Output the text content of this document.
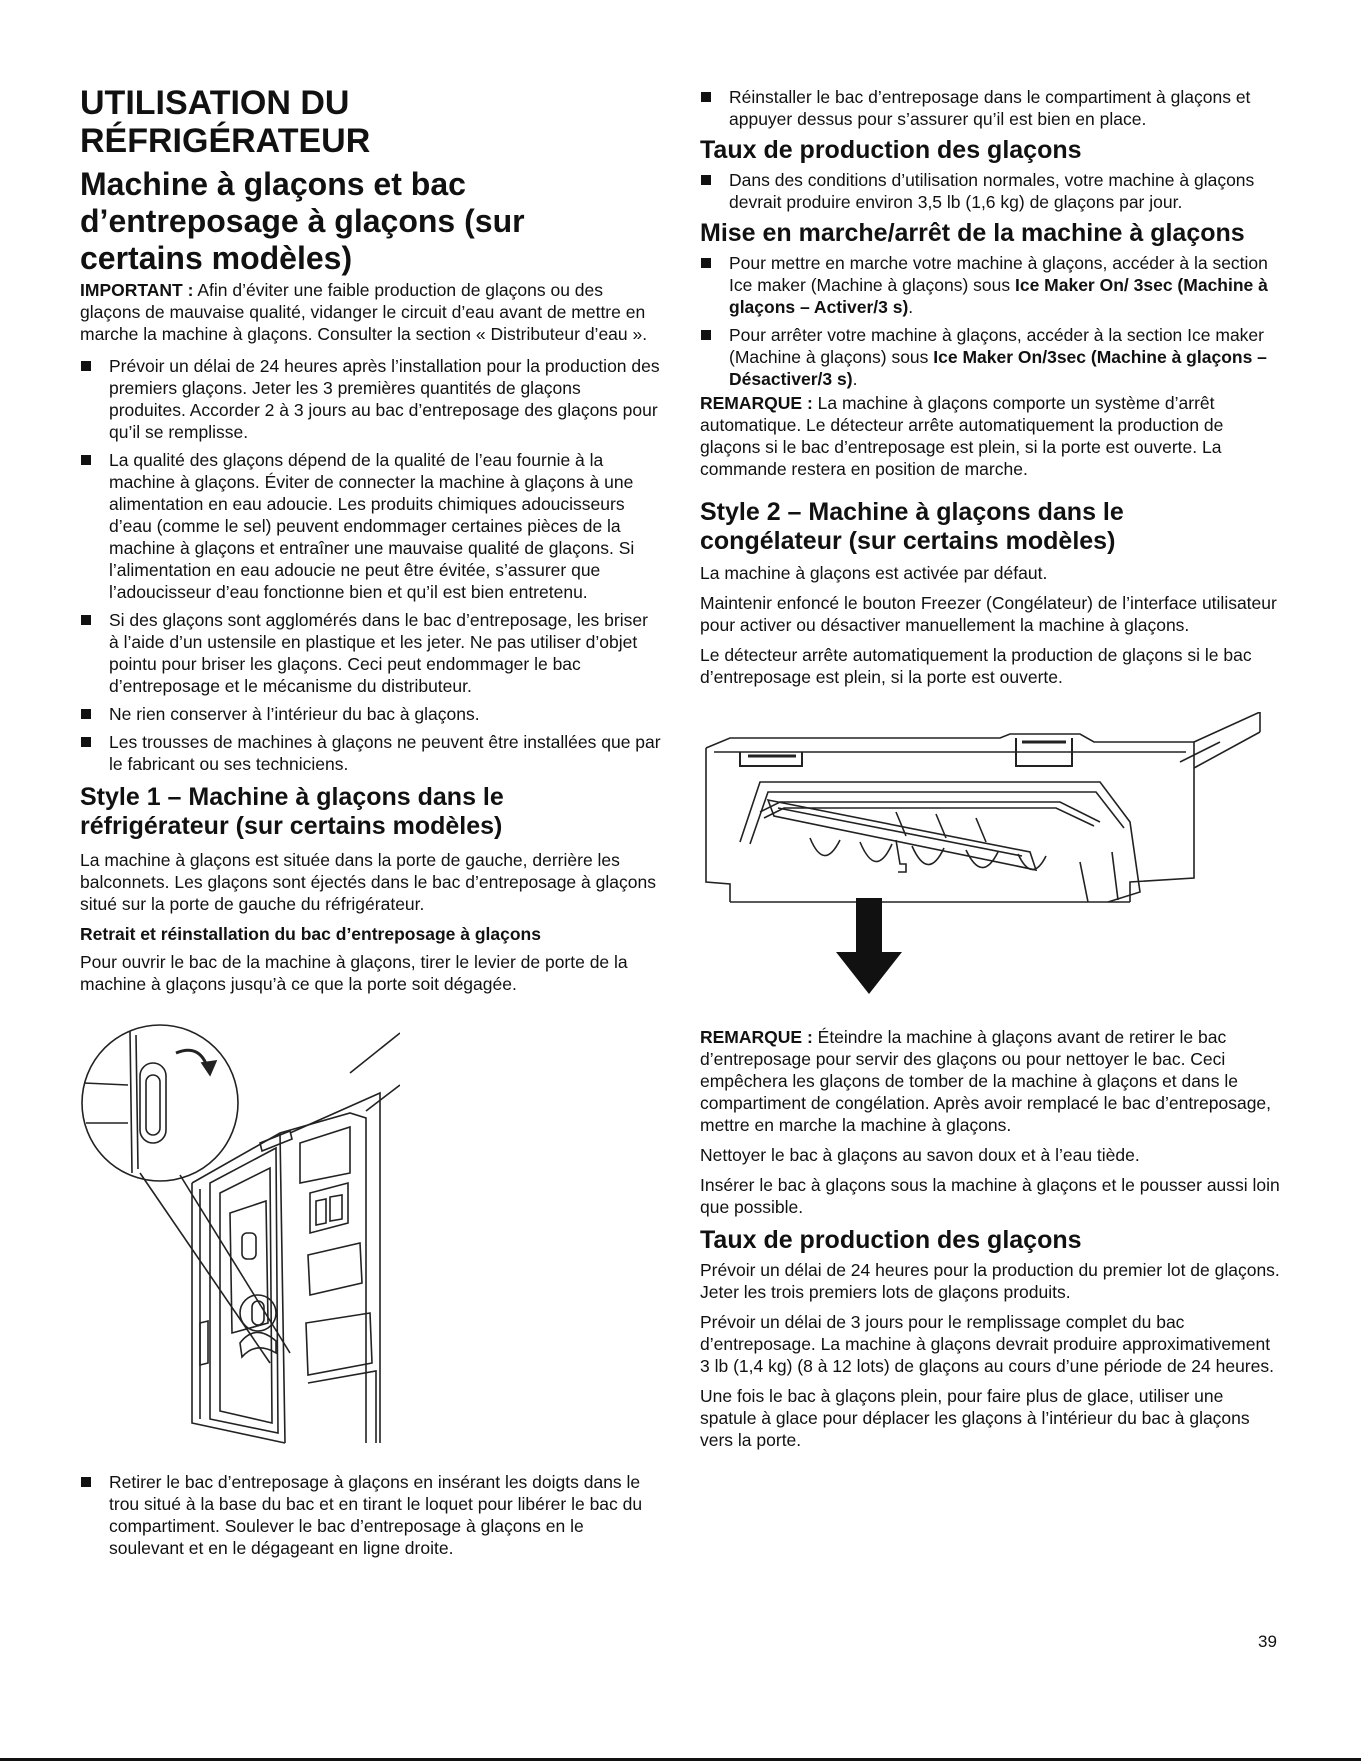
UTILISATION DU
RÉFRIGÉRATEUR
Machine à glaçons et bac
d’entreposage à glaçons (sur
certains modèles)

IMPORTANT : Afin d’éviter une faible production de glaçons ou des glaçons de mauvaise qualité, vidanger le circuit d’eau avant de mettre en marche la machine à glaçons. Consulter la section « Distributeur d’eau ».

Prévoir un délai de 24 heures après l’installation pour la production des premiers glaçons. Jeter les 3 premières quantités de glaçons produites. Accorder 2 à 3 jours au bac d’entreposage des glaçons pour qu’il se remplisse.
La qualité des glaçons dépend de la qualité de l’eau fournie à la machine à glaçons. Éviter de connecter la machine à glaçons à une alimentation en eau adoucie. Les produits chimiques adoucisseurs d’eau (comme le sel) peuvent endommager certaines pièces de la machine à glaçons et entraîner une mauvaise qualité de glaçons. Si l’alimentation en eau adoucie ne peut être évitée, s’assurer que l’adoucisseur d’eau fonctionne bien et qu’il est bien entretenu.
Si des glaçons sont agglomérés dans le bac d’entreposage, les briser à l’aide d’un ustensile en plastique et les jeter. Ne pas utiliser d’objet pointu pour briser les glaçons. Ceci peut endommager le bac d’entreposage et le mécanisme du distributeur.
Ne rien conserver à l’intérieur du bac à glaçons.
Les trousses de machines à glaçons ne peuvent être installées que par le fabricant ou ses techniciens.
Style 1 – Machine à glaçons dans le
réfrigérateur (sur certains modèles)

La machine à glaçons est située dans la porte de gauche, derrière les balconnets. Les glaçons sont éjectés dans le bac d’entreposage à glaçons situé sur la porte de gauche du réfrigérateur.

Retrait et réinstallation du bac d’entreposage à glaçons

Pour ouvrir le bac de la machine à glaçons, tirer le levier de porte de la machine à glaçons jusqu’à ce que la porte soit dégagée.

Retirer le bac d’entreposage à glaçons en insérant les doigts dans le trou situé à la base du bac et en tirant le loquet pour libérer le bac du compartiment. Soulever le bac d’entreposage à glaçons en le soulevant et en le dégageant en ligne droite.
Réinstaller le bac d’entreposage dans le compartiment à glaçons et appuyer dessus pour s’assurer qu’il est bien en place.
Taux de production des glaçons
Dans des conditions d’utilisation normales, votre machine à glaçons devrait produire environ 3,5 lb (1,6 kg) de glaçons par jour.
Mise en marche/arrêt de la machine à glaçons
Pour mettre en marche votre machine à glaçons, accéder à la section Ice maker (Machine à glaçons) sous Ice Maker On/ 3sec (Machine à glaçons – Activer/3 s).
Pour arrêter votre machine à glaçons, accéder à la section Ice maker (Machine à glaçons) sous Ice Maker On/3sec (Machine à glaçons – Désactiver/3 s).

REMARQUE : La machine à glaçons comporte un système d’arrêt automatique. Le détecteur arrête automatiquement la production de glaçons si le bac d’entreposage est plein, si la porte est ouverte. La commande restera en position de marche.

Style 2 – Machine à glaçons dans le
congélateur (sur certains modèles)

La machine à glaçons est activée par défaut.

Maintenir enfoncé le bouton Freezer (Congélateur) de l’interface utilisateur pour activer ou désactiver manuellement la machine à glaçons.

Le détecteur arrête automatiquement la production de glaçons si le bac d’entreposage est plein, si la porte est ouverte.

REMARQUE : Éteindre la machine à glaçons avant de retirer le bac d’entreposage pour servir des glaçons ou pour nettoyer le bac. Ceci empêchera les glaçons de tomber de la machine à glaçons et dans le compartiment de congélation. Après avoir remplacé le bac d’entreposage, mettre en marche la machine à glaçons.

Nettoyer le bac à glaçons au savon doux et à l’eau tiède.

Insérer le bac à glaçons sous la machine à glaçons et le pousser aussi loin que possible.

Taux de production des glaçons

Prévoir un délai de 24 heures pour la production du premier lot de glaçons. Jeter les trois premiers lots de glaçons produits.

Prévoir un délai de 3 jours pour le remplissage complet du bac d’entreposage. La machine à glaçons devrait produire approximativement 3 lb (1,4 kg) (8 à 12 lots) de glaçons au cours d’une période de 24 heures.

Une fois le bac à glaçons plein, pour faire plus de glace, utiliser une spatule à glace pour déplacer les glaçons à l’intérieur du bac à glaçons vers la porte.

39
